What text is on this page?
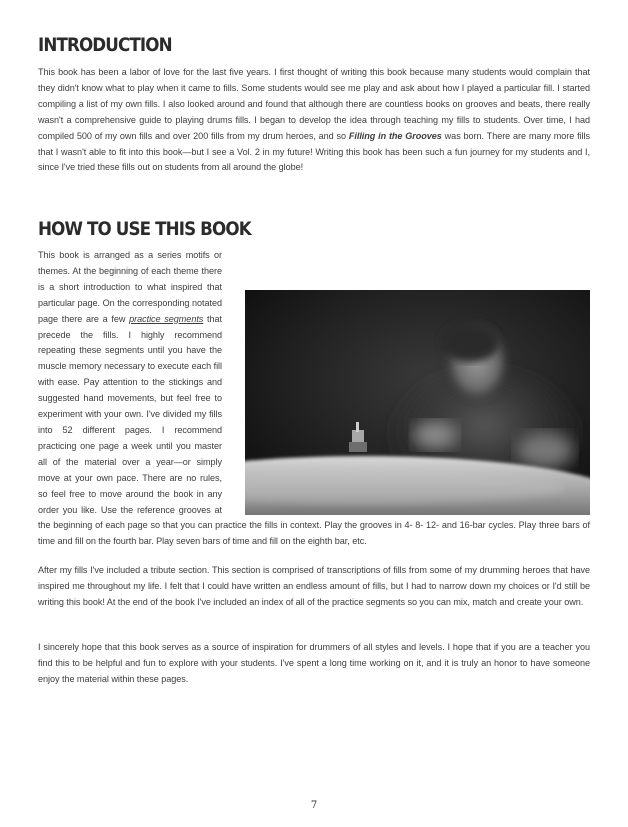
INTRODUCTION

This book has been a labor of love for the last five years. I first thought of writing this book because many students would complain that they didn't know what to play when it came to fills. Some students would see me play and ask about how I played a particular fill. I started compiling a list of my own fills. I also looked around and found that although there are countless books on grooves and beats, there really wasn't a comprehensive guide to playing drums fills. I began to develop the idea through teaching my fills to students. Over time, I had compiled 500 of my own fills and over 200 fills from my drum heroes, and so Filling in the Grooves was born. There are many more fills that I wasn't able to fit into this book—but I see a Vol. 2 in my future! Writing this book has been such a fun journey for my students and I, since I've tried these fills out on students from all around the globe!

HOW TO USE THIS BOOK

This book is arranged as a series motifs or themes. At the beginning of each theme there is a short introduction to what inspired that particular page. On the corresponding notated page there are a few practice segments that precede the fills. I highly recommend repeating these segments until you have the muscle memory necessary to execute each fill with ease. Pay attention to the stickings and suggested hand movements, but feel free to experiment with your own. I've divided my fills into 52 different pages. I recommend practicing one page a week until you master all of the material over a year—or simply move at your own pace. There are no rules, so feel free to move around the book in any order you like. Use the reference grooves at the beginning of each page so that you can practice the fills in context. Play the grooves in 4- 8- 12- and 16-bar cycles. Play three bars of time and fill on the fourth bar. Play seven bars of time and fill on the eighth bar, etc.

After my fills I've included a tribute section. This section is comprised of transcriptions of fills from some of my drumming heroes that have inspired me throughout my life. I felt that I could have written an endless amount of fills, but I had to narrow down my choices or I'd still be writing this book! At the end of the book I've included an index of all of the practice segments so you can mix, match and create your own.

I sincerely hope that this book serves as a source of inspiration for drummers of all styles and levels. I hope that if you are a teacher you find this to be helpful and fun to explore with your students. I've spent a long time working on it, and it is truly an honor to have someone enjoy the material within these pages.

7
